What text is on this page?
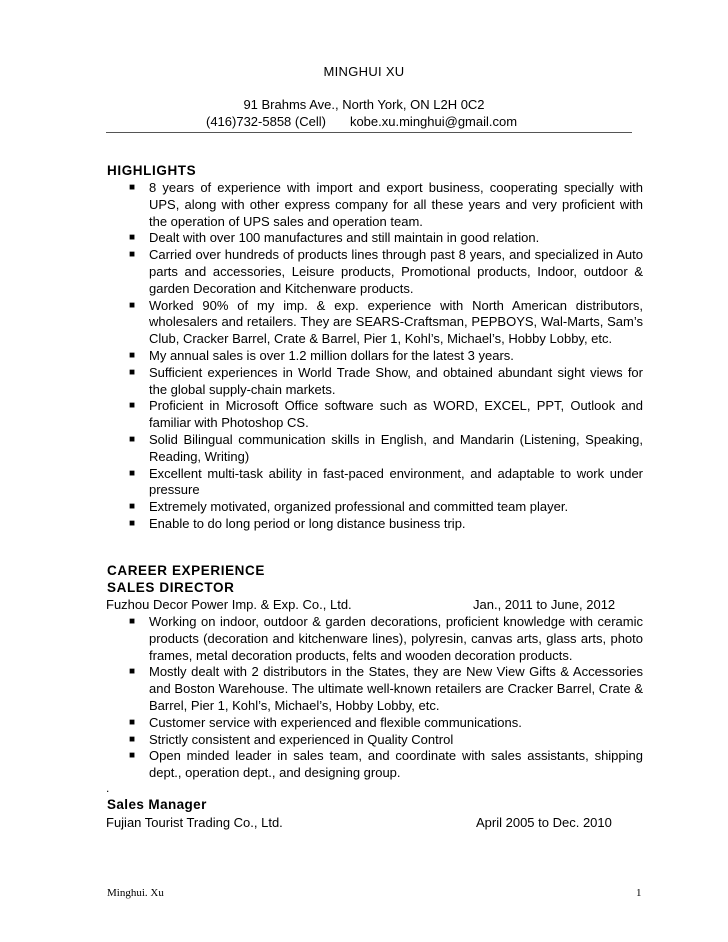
MINGHUI XU
91 Brahms Ave., North York, ON L2H 0C2
(416)732-5858 (Cell) kobe.xu.minghui@gmail.com
HIGHLIGHTS
■ 8 years of experience with import and export business, cooperating specially with UPS, along with other express company for all these years and very proficient with the operation of UPS sales and operation team.
■ Dealt with over 100 manufactures and still maintain in good relation.
■ Carried over hundreds of products lines through past 8 years, and specialized in Auto parts and accessories, Leisure products, Promotional products, Indoor, outdoor & garden Decoration and Kitchenware products.
■ Worked 90% of my imp. & exp. experience with North American distributors, wholesalers and retailers. They are SEARS-Craftsman, PEPBOYS, Wal-Marts, Sam’s Club, Cracker Barrel, Crate & Barrel, Pier 1, Kohl’s, Michael’s, Hobby Lobby, etc.
■ My annual sales is over 1.2 million dollars for the latest 3 years.
■ Sufficient experiences in World Trade Show, and obtained abundant sight views for the global supply-chain markets.
■ Proficient in Microsoft Office software such as WORD, EXCEL, PPT, Outlook and familiar with Photoshop CS.
■ Solid Bilingual communication skills in English, and Mandarin (Listening, Speaking, Reading, Writing)
■ Excellent multi-task ability in fast-paced environment, and adaptable to work under pressure
■ Extremely motivated, organized professional and committed team player.
■ Enable to do long period or long distance business trip.
CAREER EXPERIENCE
SALES DIRECTOR
Fuzhou Decor Power Imp. & Exp. Co., Ltd.	Jan., 2011 to June, 2012
■ Working on indoor, outdoor & garden decorations, proficient knowledge with ceramic products (decoration and kitchenware lines), polyresin, canvas arts, glass arts, photo frames, metal decoration products, felts and wooden decoration products.
■ Mostly dealt with 2 distributors in the States, they are New View Gifts & Accessories and Boston Warehouse. The ultimate well-known retailers are Cracker Barrel, Crate & Barrel, Pier 1, Kohl’s, Michael’s, Hobby Lobby, etc.
■ Customer service with experienced and flexible communications.
■ Strictly consistent and experienced in Quality Control
■ Open minded leader in sales team, and coordinate with sales assistants, shipping dept., operation dept., and designing group.
.
Sales Manager
Fujian Tourist Trading Co., Ltd.	April 2005 to Dec. 2010
Minghui. Xu	1
